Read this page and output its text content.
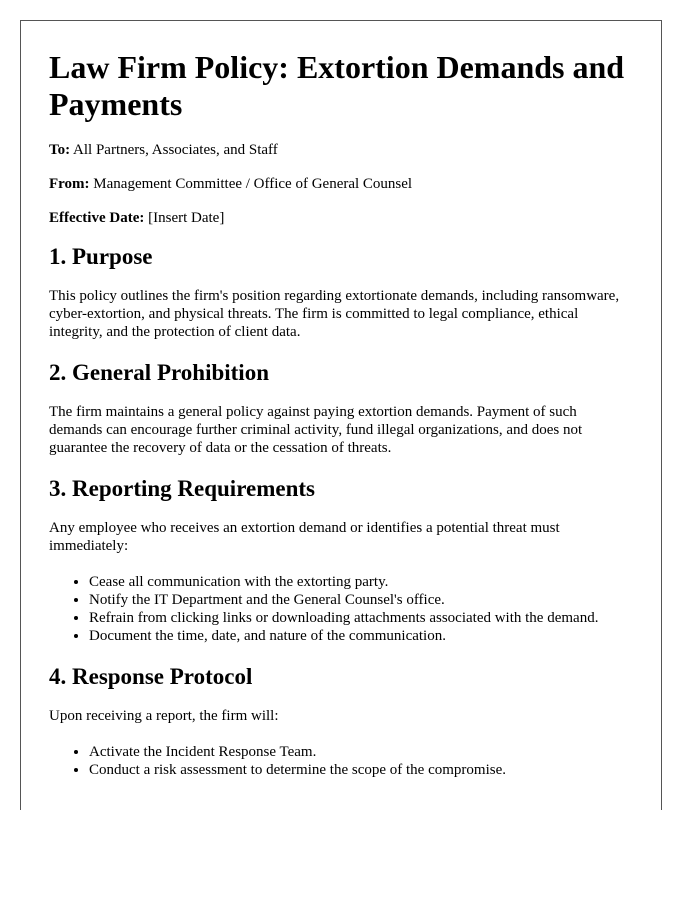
Law Firm Policy: Extortion Demands and Payments

To: All Partners, Associates, and Staff

From: Management Committee / Office of General Counsel

Effective Date: [Insert Date]

1. Purpose

This policy outlines the firm's position regarding extortionate demands, including ransomware, cyber-extortion, and physical threats. The firm is committed to legal compliance, ethical integrity, and the protection of client data.

2. General Prohibition

The firm maintains a general policy against paying extortion demands. Payment of such demands can encourage further criminal activity, fund illegal organizations, and does not guarantee the recovery of data or the cessation of threats.

3. Reporting Requirements

Any employee who receives an extortion demand or identifies a potential threat must immediately:

• Cease all communication with the extorting party.
• Notify the IT Department and the General Counsel's office.
• Refrain from clicking links or downloading attachments associated with the demand.
• Document the time, date, and nature of the communication.
4. Response Protocol

Upon receiving a report, the firm will:

• Activate the Incident Response Team.
• Conduct a risk assessment to determine the scope of the compromise.
